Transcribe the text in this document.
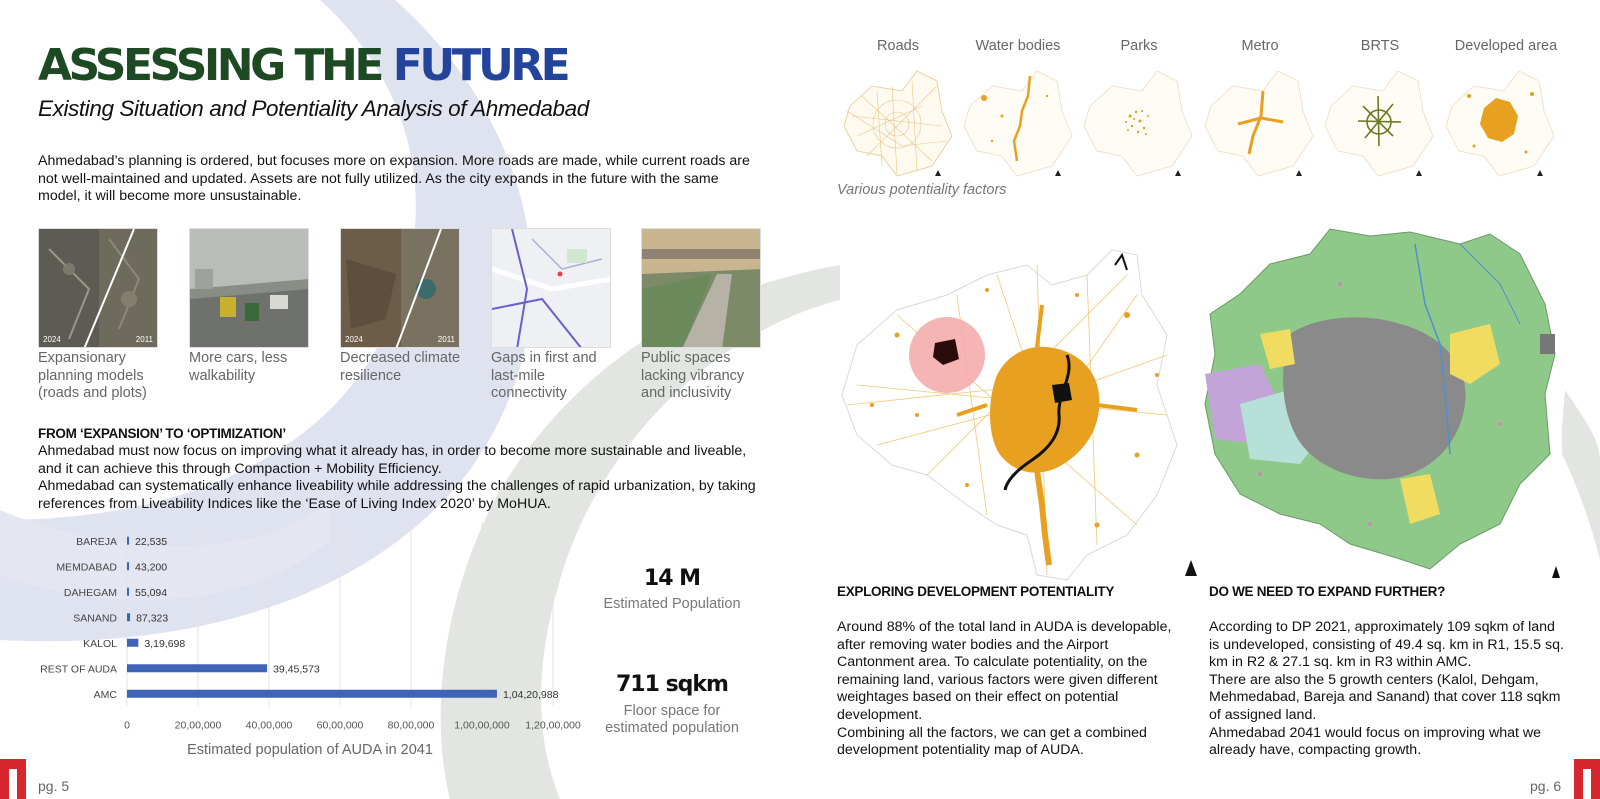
ASSESSING THE FUTURE
Existing Situation and Potentiality Analysis of Ahmedabad
Ahmedabad’s planning is ordered, but focuses more on expansion. More roads are made, while current roads are not well-maintained and updated. Assets are not fully utilized. As the city expands in the future with the same model, it will become more unsustainable.
2024	2011	2024	2011
Expansionary planning models (roads and plots)
More cars, less walkability
Decreased climate resilience
Gaps in first and last-mile connectivity
Public spaces lacking vibrancy and inclusivity
FROM ‘EXPANSION’ TO ‘OPTIMIZATION’
Ahmedabad must now focus on improving what it already has, in order to become more sustainable and liveable, and it can achieve this through Compaction + Mobility Efficiency.
Ahmedabad can systematically enhance liveability while addressing the challenges of rapid urbanization, by taking references from Liveability Indices like the ‘Ease of Living Index 2020’ by MoHUA.
0	20,00,000 40,00,000 60,00,000 80,00,000 1,00,00,000 1,20,00,000
BAREJA 22,535
MEMDABAD 43,200
DAHEGAM 55,094
SANAND 87,323
KALOL	3,19,698
REST OF AUDA	39,45,573
AMC	1,04,20,988
Estimated population of AUDA in 2041
14 M
Estimated Population
711 sqkm
Floor space for estimated population
pg. 5	pg. 6
Roads	Water bodies	Parks	Metro	BRTS	Developed area
Various potentiality factors
EXPLORING DEVELOPMENT POTENTIALITY
Around 88% of the total land in AUDA is developable, after removing water bodies and the Airport Cantonment area. To calculate potentiality, on the remaining land, various factors were given different weightages based on their effect on potential development.
Combining all the factors, we can get a combined development potentiality map of AUDA.
DO WE NEED TO EXPAND FURTHER?
According to DP 2021, approximately 109 sqkm of land is undeveloped, consisting of 49.4 sq. km in R1, 15.5 sq. km in R2 & 27.1 sq. km in R3 within AMC.
There are also the 5 growth centers (Kalol, Dehgam, Mehmedabad, Bareja and Sanand) that cover 118 sqkm of assigned land.
Ahmedabad 2041 would focus on improving what we already have, compacting growth.
